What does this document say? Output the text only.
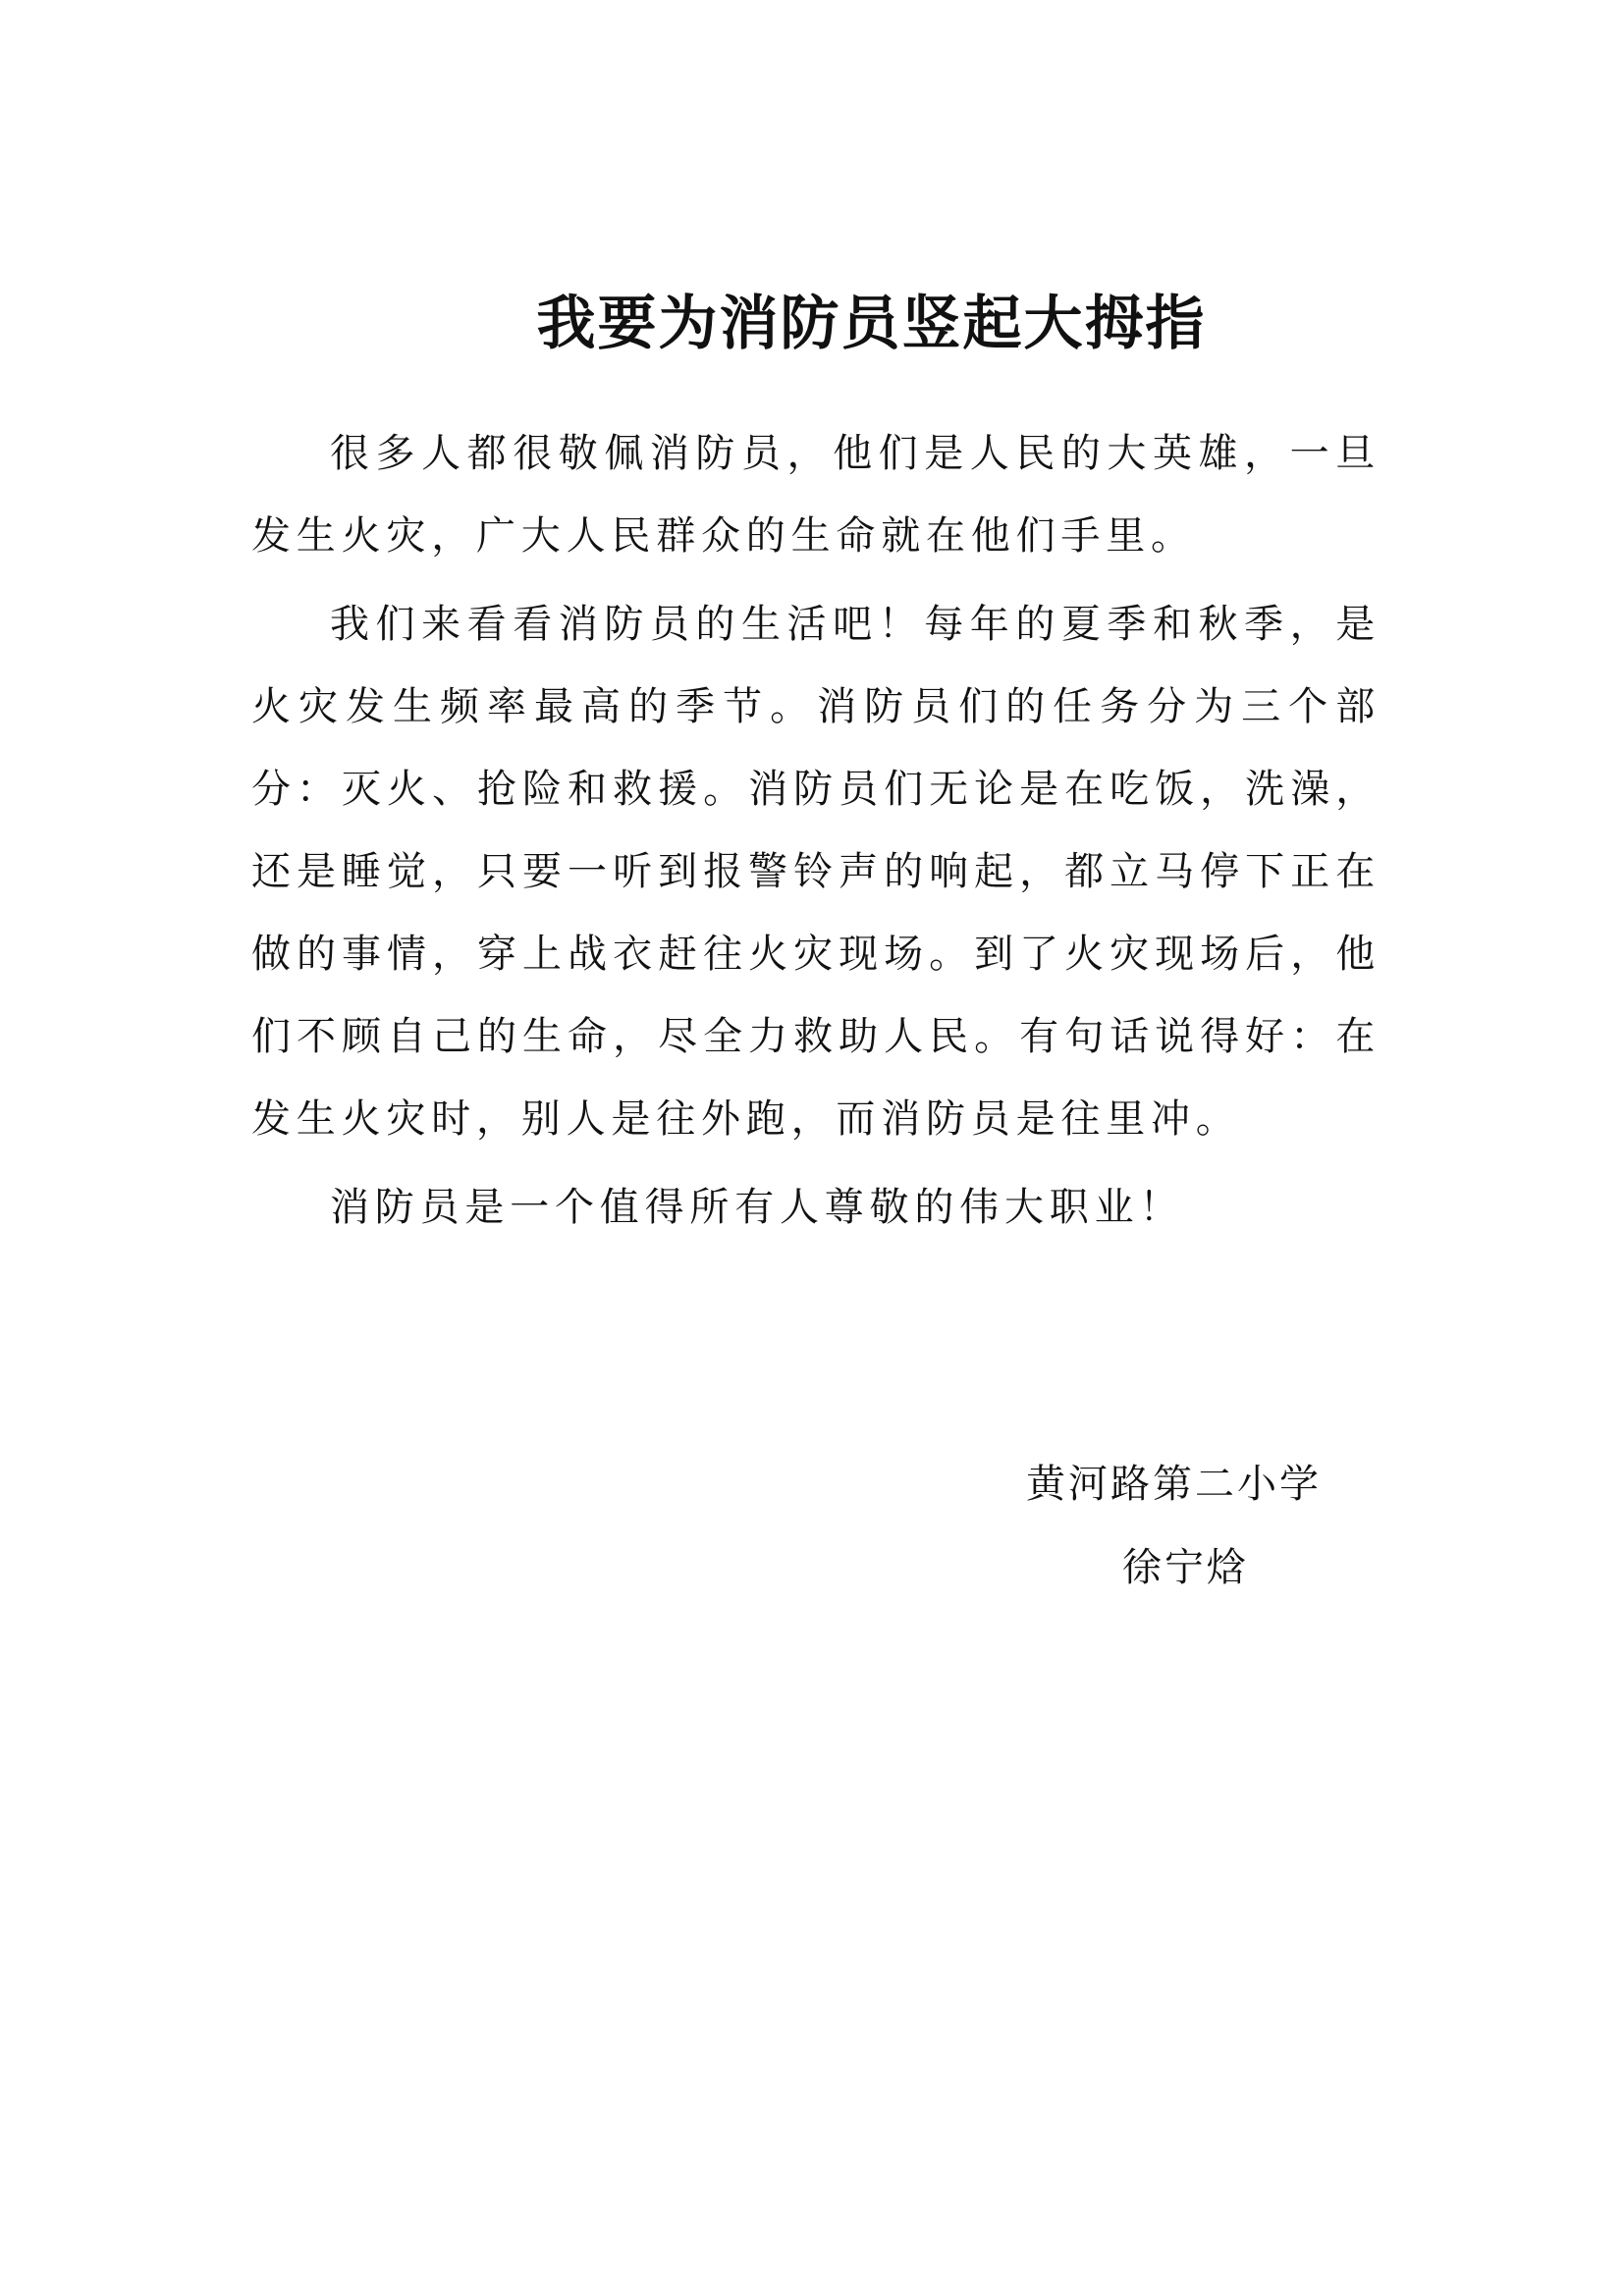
我要为消防员竖起大拇指

很多人都很敬佩消防员，他们是人民的大英雄，一旦发生火灾，广大人民群众的生命就在他们手里。

我们来看看消防员的生活吧！每年的夏季和秋季，是火灾发生频率最高的季节。消防员们的任务分为三个部分：灭火、抢险和救援。消防员们无论是在吃饭，洗澡，还是睡觉，只要一听到报警铃声的响起，都立马停下正在做的事情，穿上战衣赶往火灾现场。到了火灾现场后，他们不顾自己的生命，尽全力救助人民。有句话说得好：在发生火灾时，别人是往外跑，而消防员是往里冲。

消防员是一个值得所有人尊敬的伟大职业！

黄河路第二小学
徐宁焓
